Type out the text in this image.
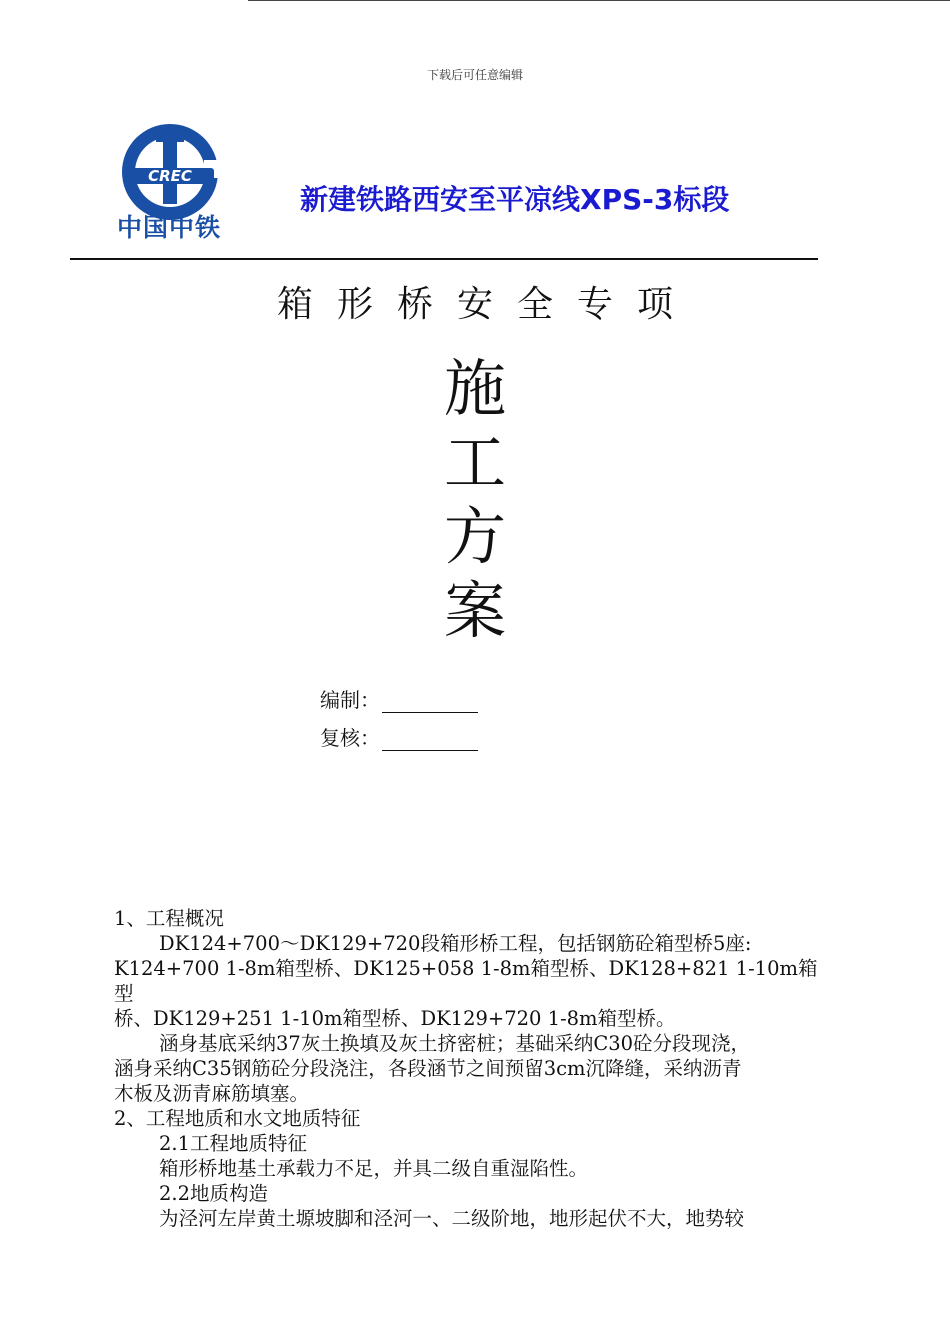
下载后可任意编辑
CREC
中国中铁
新建铁路西安至平凉线XPS-3标段
箱形桥安全专项
施
工
方
案
编制：
复核：

1、工程概况

DK124+700～DK129+720段箱形桥工程，包括钢筋砼箱型桥5座:

K124+700 1-8m箱型桥、DK125+058 1-8m箱型桥、DK128+821 1-10m箱型

桥、DK129+251 1-10m箱型桥、DK129+720 1-8m箱型桥。

涵身基底采纳37灰土换填及灰土挤密桩；基础采纳C30砼分段现浇，

涵身采纳C35钢筋砼分段浇注，各段涵节之间预留3cm沉降缝，采纳沥青

木板及沥青麻筋填塞。

2、工程地质和水文地质特征

2.1工程地质特征

箱形桥地基土承载力不足，并具二级自重湿陷性。

2.2地质构造

为泾河左岸黄土塬坡脚和泾河一、二级阶地，地形起伏不大，地势较
